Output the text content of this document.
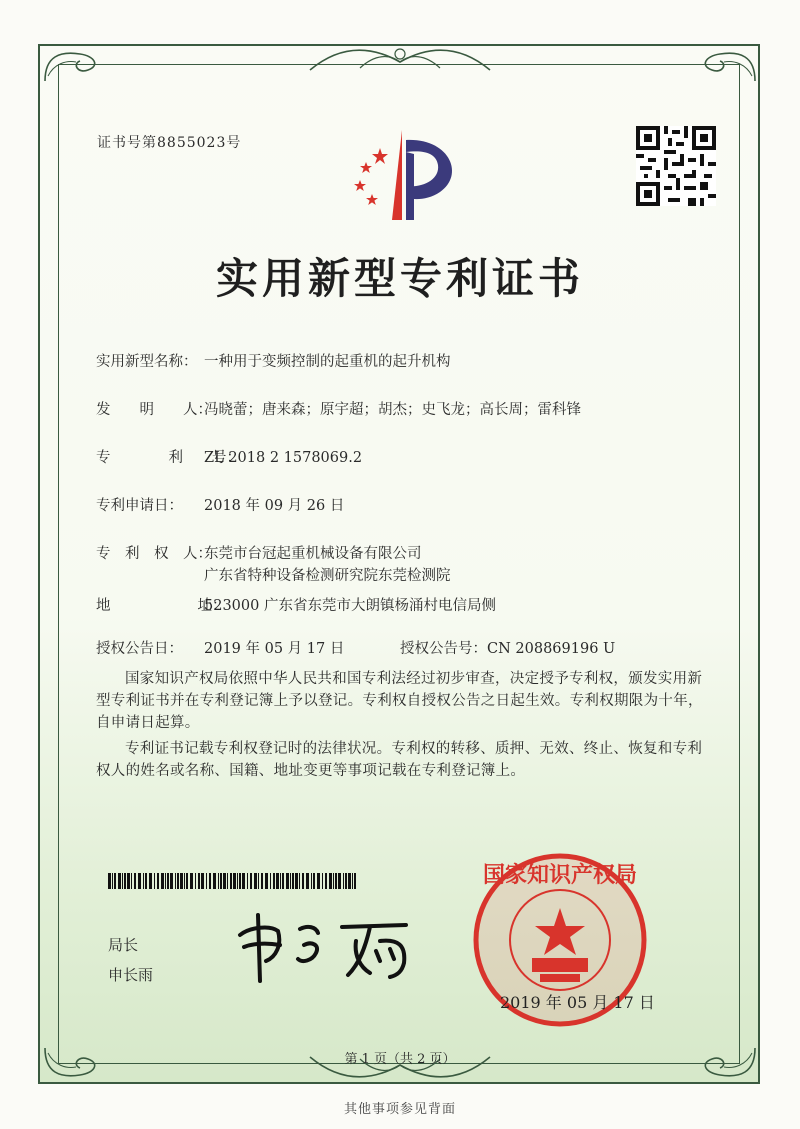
证书号第8855023号
实用新型专利证书
实用新型名称： 一种用于变频控制的起重机的起升机构
发　　明　　人：冯晓蕾；唐来森；原宇超；胡杰；史飞龙；高长周；雷科锋
专　　　　利　　号：ZL 2018 2 1578069.2
专利申请日： 2018 年 09 月 26 日
专　利　权　人：东莞市台冠起重机械设备有限公司
广东省特种设备检测研究院东莞检测院
地　　　　　　址：523000 广东省东莞市大朗镇杨涌村电信局侧
授权公告日： 2019 年 05 月 17 日	授权公告号：CN 208869196 U
国家知识产权局依照中华人民共和国专利法经过初步审查，决定授予专利权，颁发实用新型专利证书并在专利登记簿上予以登记。专利权自授权公告之日起生效。专利权期限为十年，自申请日起算。
专利证书记载专利权登记时的法律状况。专利权的转移、质押、无效、终止、恢复和专利权人的姓名或名称、国籍、地址变更等事项记载在专利登记簿上。
局长
申长雨
国家知识产权局
2019 年 05 月 17 日
第 1 页（共 2 页）
其他事项参见背面
